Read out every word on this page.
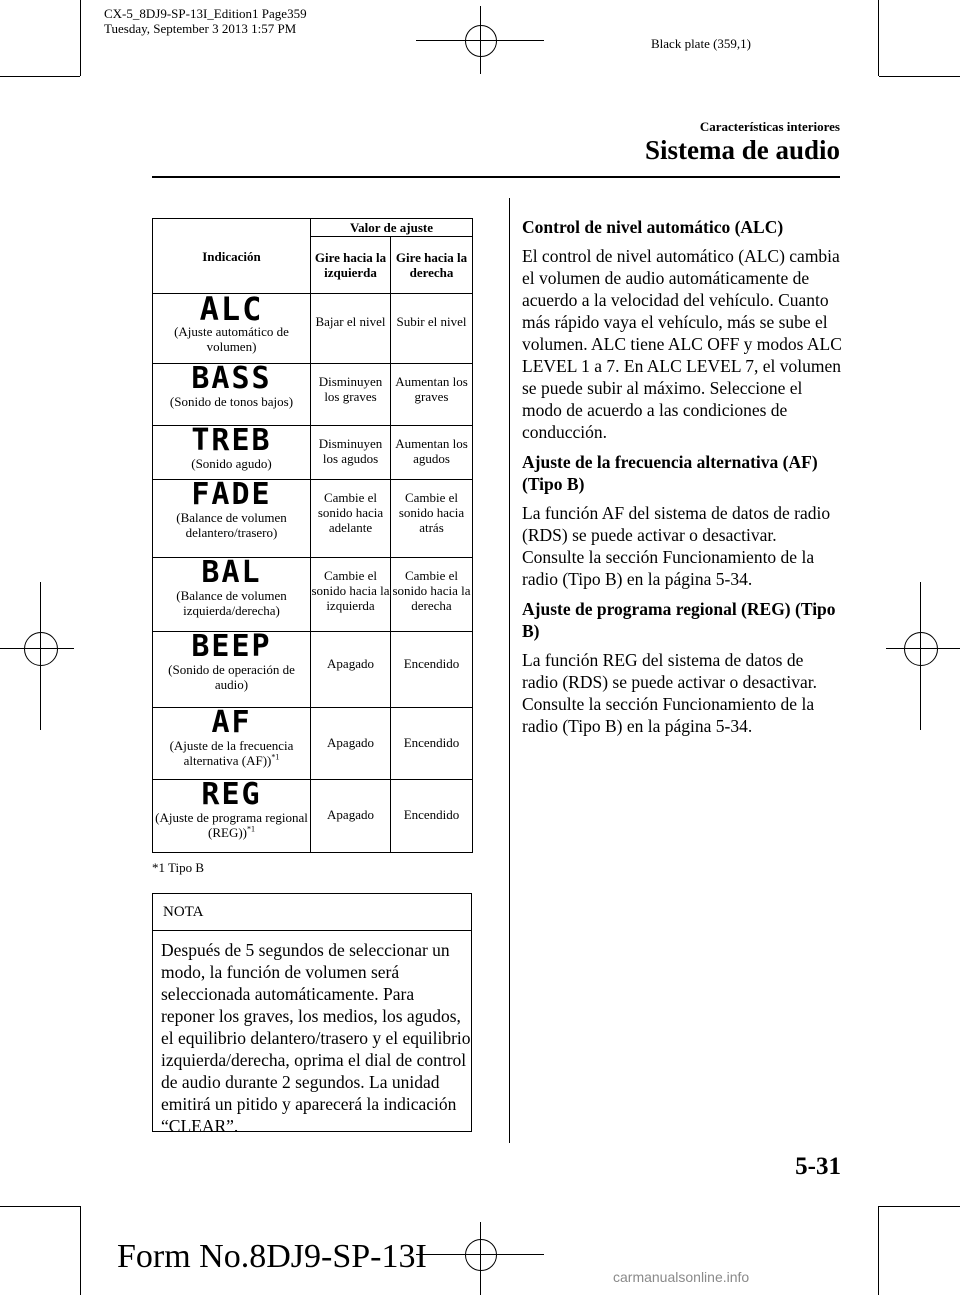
CX-5_8DJ9-SP-13I_Edition1 Page359
Tuesday, September 3 2013 1:57 PM
Black plate (359,1)
Características interiores
Sistema de audio
Indicación	Valor de ajuste	
	Gire hacia la izquierda	Gire hacia la derecha

ALC
(Ajuste automático de volumen)	Bajar el nivel	Subir el nivel

BASS
(Sonido de tonos bajos)	Disminuyen los graves	Aumentan los graves

TREB
(Sonido agudo)	Disminuyen los agudos	Aumentan los agudos

FADE
(Balance de volumen delantero/trasero)	Cambie el sonido hacia adelante	Cambie el sonido hacia atrás

BAL
(Balance de volumen izquierda/derecha)	Cambie el sonido hacia la izquierda	Cambie el sonido hacia la derecha

BEEP
(Sonido de operación de audio)	Apagado	Encendido

AF
(Ajuste de la frecuencia alternativa (AF))$^{*1}$	Apagado	Encendido

REG
(Ajuste de programa regional (REG))$^{*1}$	Apagado	Encendido
*1 Tipo B
NOTA
Después de 5 segundos de seleccionar un modo, la función de volumen será seleccionada automáticamente. Para reponer los graves, los medios, los agudos, el equilibrio delantero/trasero y el equilibrio izquierda/derecha, oprima el dial de control de audio durante 2 segundos. La unidad emitirá un pitido y aparecerá la indicación “CLEAR”.
Control de nivel automático (ALC)

El control de nivel automático (ALC) cambia el volumen de audio automáticamente de acuerdo a la velocidad del vehículo. Cuanto más rápido vaya el vehículo, más se sube el volumen. ALC tiene ALC OFF y modos ALC LEVEL 1 a 7. En ALC LEVEL 7, el volumen se puede subir al máximo. Seleccione el modo de acuerdo a las condiciones de conducción.

Ajuste de la frecuencia alternativa (AF) (Tipo B)

La función AF del sistema de datos de radio (RDS) se puede activar o desactivar. Consulte la sección Funcionamiento de la radio (Tipo B) en la página 5-34.

Ajuste de programa regional (REG) (Tipo B)

La función REG del sistema de datos de radio (RDS) se puede activar o desactivar. Consulte la sección Funcionamiento de la radio (Tipo B) en la página 5-34.

5-31
Form No.8DJ9-SP-13I
carmanualsonline.info
